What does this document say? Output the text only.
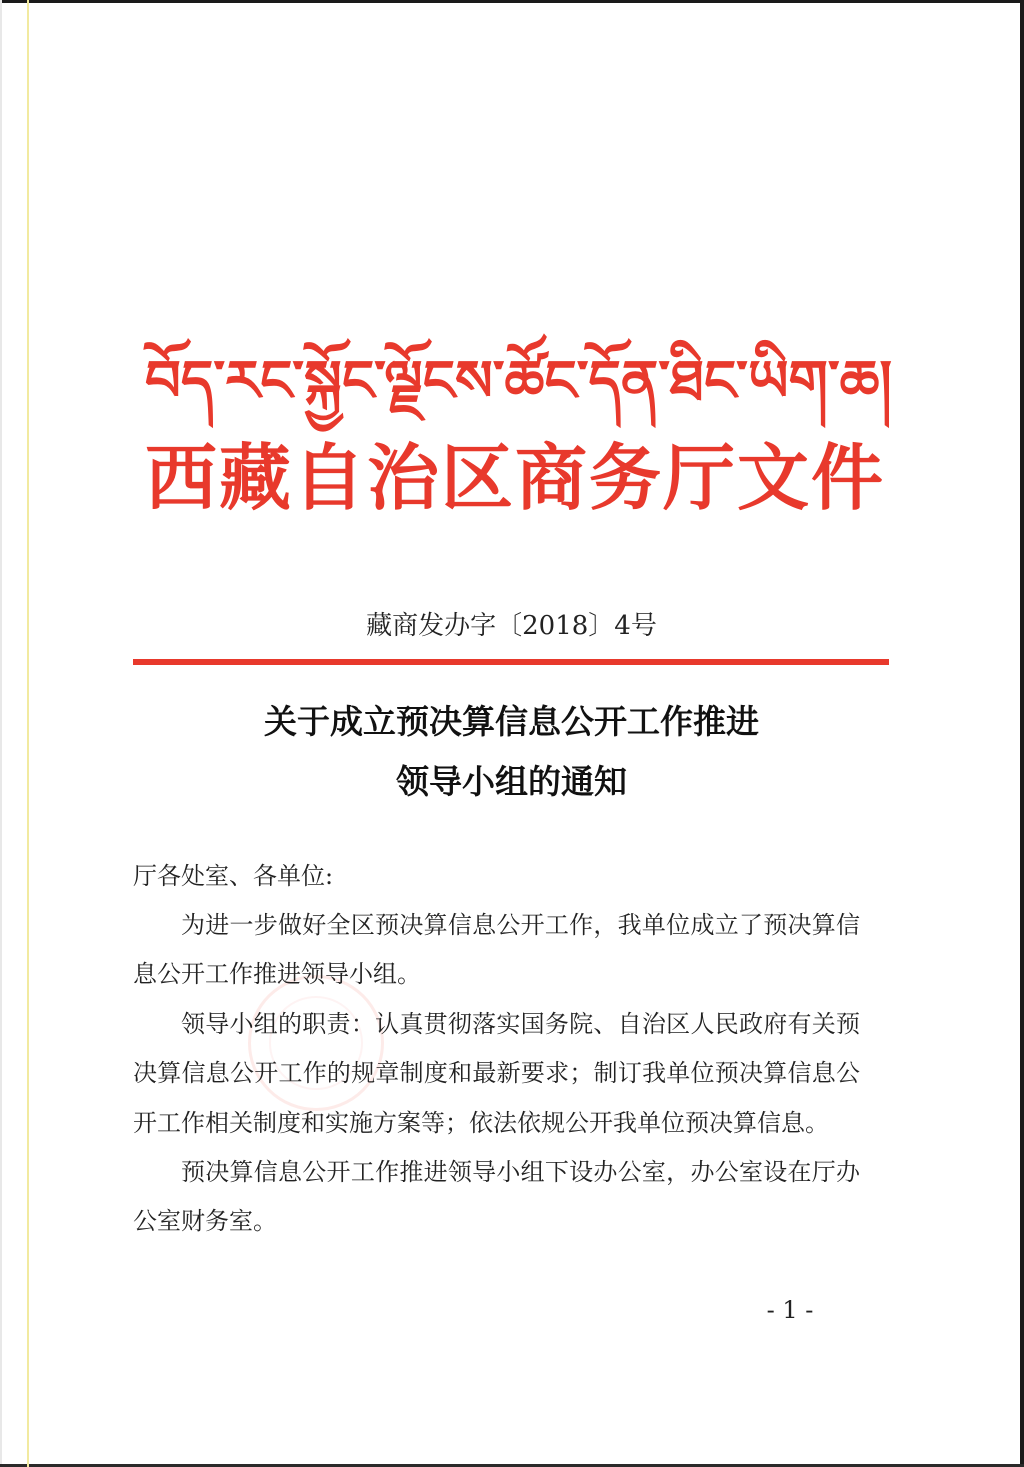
བོད་རང་སྐྱོང་ལྗོངས་ཚོང་དོན་ཐིང་ཡིག་ཆ།
西藏自治区商务厅文件
藏商发办字〔2018〕4号
关于成立预决算信息公开工作推进
领导小组的通知
厅各处室、各单位:

为进一步做好全区预决算信息公开工作，我单位成立了预决算信息公开工作推进领导小组。

领导小组的职责：认真贯彻落实国务院、自治区人民政府有关预决算信息公开工作的规章制度和最新要求；制订我单位预决算信息公开工作相关制度和实施方案等；依法依规公开我单位预决算信息。

预决算信息公开工作推进领导小组下设办公室，办公室设在厅办公室财务室。

- 1 -
